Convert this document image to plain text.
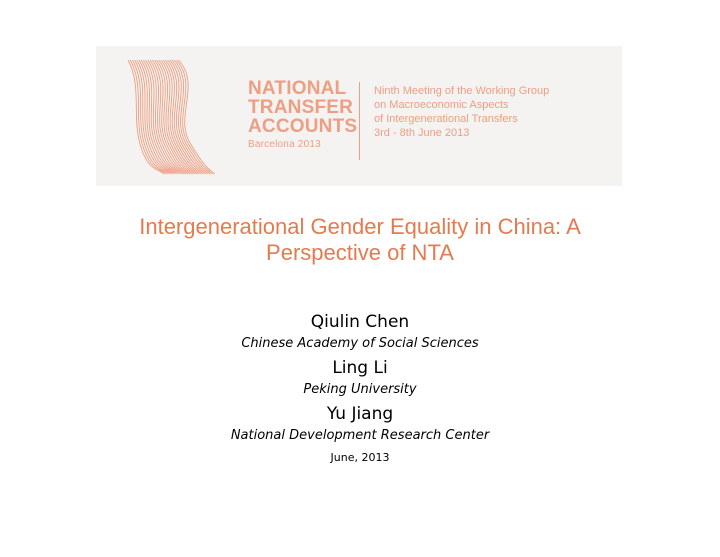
NATIONAL
TRANSFER
ACCOUNTS
Barcelona 2013
Ninth Meeting of the Working Group
on Macroeconomic Aspects
of Intergenerational Transfers
3rd - 8th June 2013
Intergenerational Gender Equality in China: A
Perspective of NTA
Qiulin Chen
Chinese Academy of Social Sciences
Ling Li
Peking University
Yu Jiang
National Development Research Center
June, 2013
